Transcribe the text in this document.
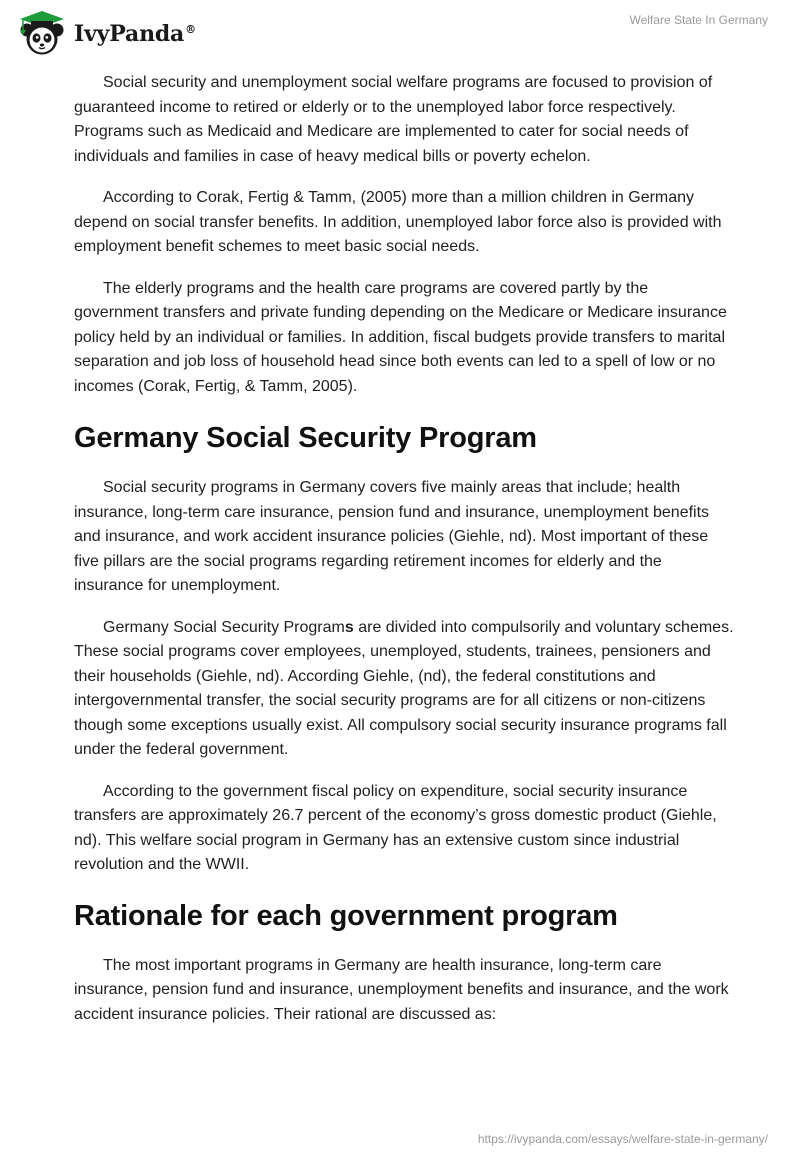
IvyPanda®
Welfare State In Germany

Social security and unemployment social welfare programs are focused to provision of guaranteed income to retired or elderly or to the unemployed labor force respectively. Programs such as Medicaid and Medicare are implemented to cater for social needs of individuals and families in case of heavy medical bills or poverty echelon.

According to Corak, Fertig & Tamm, (2005) more than a million children in Germany depend on social transfer benefits. In addition, unemployed labor force also is provided with employment benefit schemes to meet basic social needs.

The elderly programs and the health care programs are covered partly by the government transfers and private funding depending on the Medicare or Medicare insurance policy held by an individual or families. In addition, fiscal budgets provide transfers to marital separation and job loss of household head since both events can led to a spell of low or no incomes (Corak, Fertig, & Tamm, 2005).

Germany Social Security Program

Social security programs in Germany covers five mainly areas that include; health insurance, long-term care insurance, pension fund and insurance, unemployment benefits and insurance, and work accident insurance policies (Giehle, nd). Most important of these five pillars are the social programs regarding retirement incomes for elderly and the insurance for unemployment.

Germany Social Security Programs are divided into compulsorily and voluntary schemes. These social programs cover employees, unemployed, students, trainees, pensioners and their households (Giehle, nd). According Giehle, (nd), the federal constitutions and intergovernmental transfer, the social security programs are for all citizens or non-citizens though some exceptions usually exist. All compulsory social security insurance programs fall under the federal government.

According to the government fiscal policy on expenditure, social security insurance transfers are approximately 26.7 percent of the economy’s gross domestic product (Giehle, nd). This welfare social program in Germany has an extensive custom since industrial revolution and the WWII.

Rationale for each government program

The most important programs in Germany are health insurance, long-term care insurance, pension fund and insurance, unemployment benefits and insurance, and the work accident insurance policies. Their rational are discussed as:

https://ivypanda.com/essays/welfare-state-in-germany/
